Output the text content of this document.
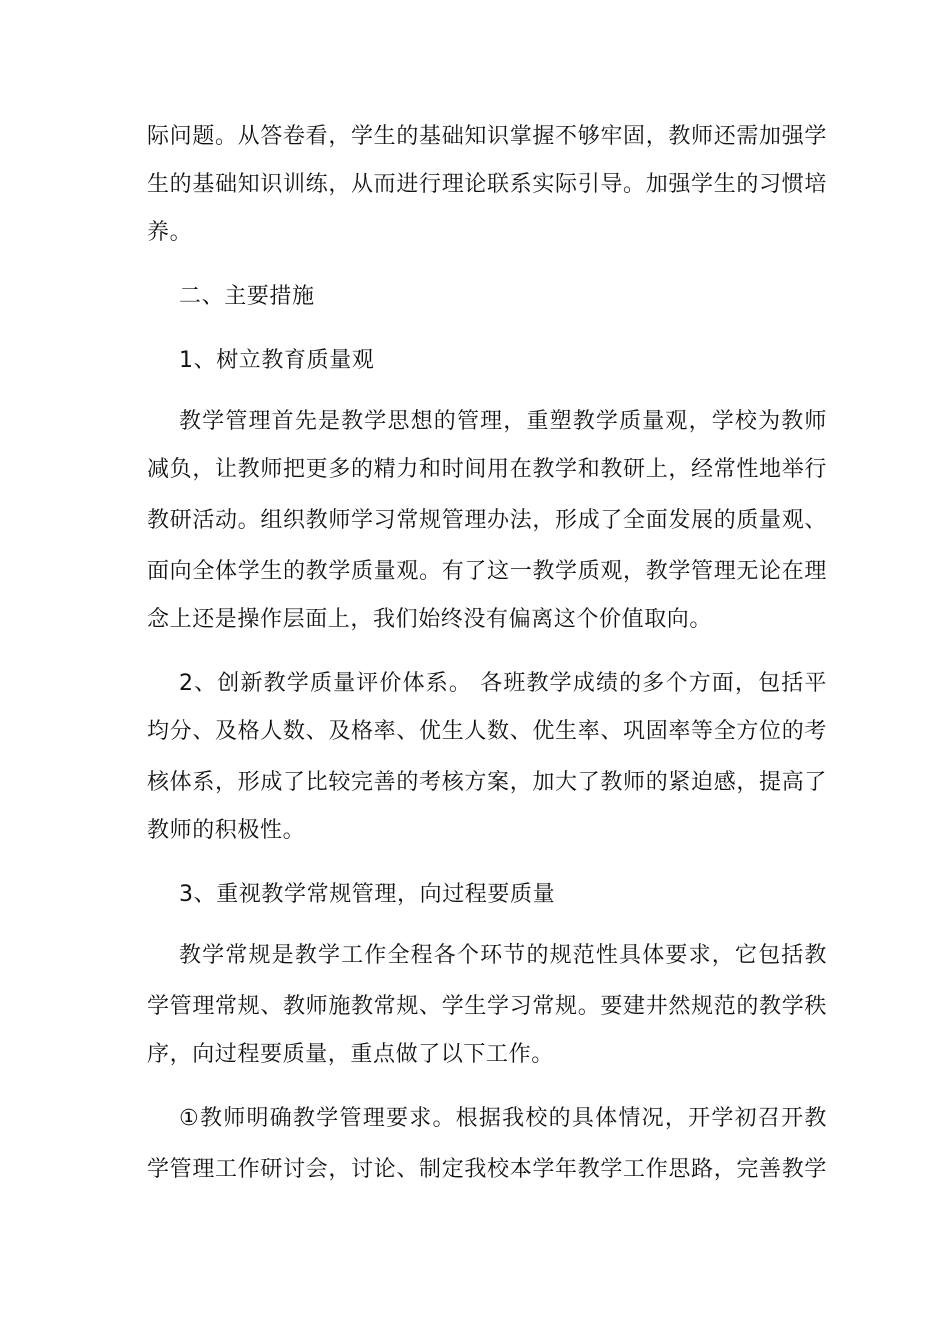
际问题。从答卷看，学生的基础知识掌握不够牢固，教师还需加强学
生的基础知识训练，从而进行理论联系实际引导。加强学生的习惯培
养。
二、主要措施
1、树立教育质量观
教学管理首先是教学思想的管理，重塑教学质量观，学校为教师
减负，让教师把更多的精力和时间用在教学和教研上，经常性地举行
教研活动。组织教师学习常规管理办法，形成了全面发展的质量观、
面向全体学生的教学质量观。有了这一教学质观，教学管理无论在理
念上还是操作层面上，我们始终没有偏离这个价值取向。
2、创新教学质量评价体系。 各班教学成绩的多个方面，包括平
均分、及格人数、及格率、优生人数、优生率、巩固率等全方位的考
核体系，形成了比较完善的考核方案，加大了教师的紧迫感，提高了
教师的积极性。
3、重视教学常规管理，向过程要质量
教学常规是教学工作全程各个环节的规范性具体要求，它包括教
学管理常规、教师施教常规、学生学习常规。要建井然规范的教学秩
序，向过程要质量，重点做了以下工作。
①教师明确教学管理要求。根据我校的具体情况，开学初召开教
学管理工作研讨会，讨论、制定我校本学年教学工作思路，完善教学
